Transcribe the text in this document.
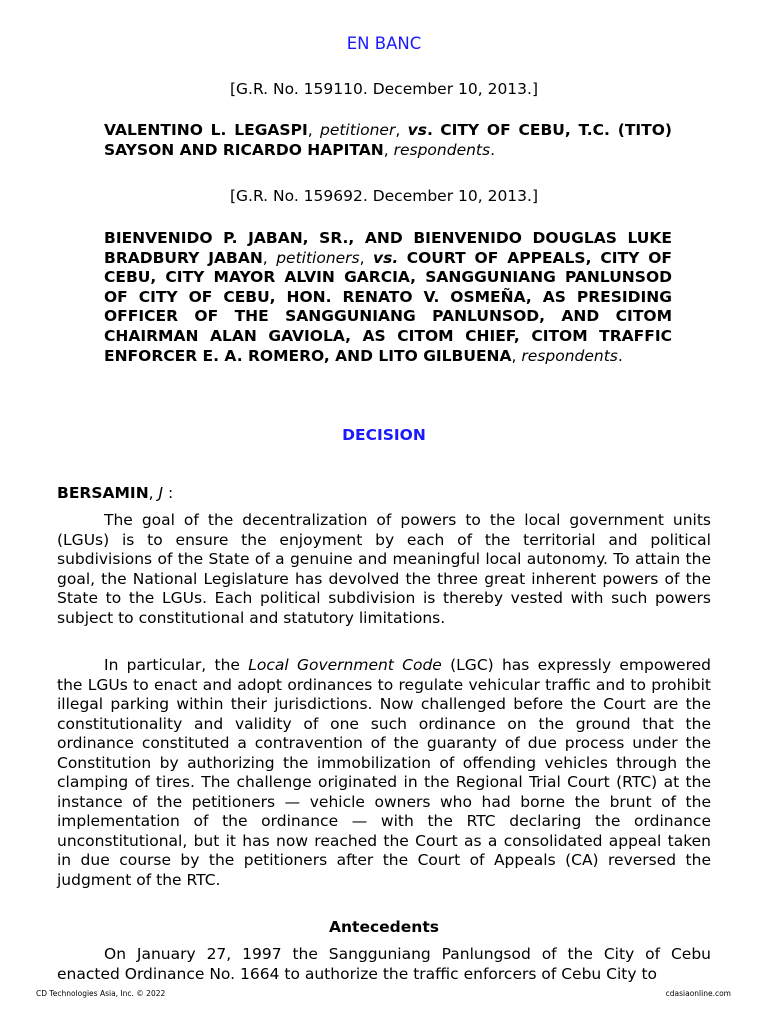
EN BANC
[G.R. No. 159110. December 10, 2013.]
VALENTINO L. LEGASPI, petitioner, vs. CITY OF CEBU, T.C. (TITO) SAYSON AND RICARDO HAPITAN, respondents.
[G.R. No. 159692. December 10, 2013.]
BIENVENIDO P. JABAN, SR., AND BIENVENIDO DOUGLAS LUKE BRADBURY JABAN, petitioners, vs. COURT OF APPEALS, CITY OF CEBU, CITY MAYOR ALVIN GARCIA, SANGGUNIANG PANLUNSOD OF CITY OF CEBU, HON. RENATO V. OSMEÑA, AS PRESIDING OFFICER OF THE SANGGUNIANG PANLUNSOD, AND CITOM CHAIRMAN ALAN GAVIOLA, AS CITOM CHIEF, CITOM TRAFFIC ENFORCER E. A. ROMERO, AND LITO GILBUENA, respondents.
DECISION
BERSAMIN, J :

The goal of the decentralization of powers to the local government units (LGUs) is to ensure the enjoyment by each of the territorial and political subdivisions of the State of a genuine and meaningful local autonomy. To attain the goal, the National Legislature has devolved the three great inherent powers of the State to the LGUs. Each political subdivision is thereby vested with such powers subject to constitutional and statutory limitations.

In particular, the Local Government Code (LGC) has expressly empowered the LGUs to enact and adopt ordinances to regulate vehicular traffic and to prohibit illegal parking within their jurisdictions. Now challenged before the Court are the constitutionality and validity of one such ordinance on the ground that the ordinance constituted a contravention of the guaranty of due process under the Constitution by authorizing the immobilization of offending vehicles through the clamping of tires. The challenge originated in the Regional Trial Court (RTC) at the instance of the petitioners — vehicle owners who had borne the brunt of the implementation of the ordinance — with the RTC declaring the ordinance unconstitutional, but it has now reached the Court as a consolidated appeal taken in due course by the petitioners after the Court of Appeals (CA) reversed the judgment of the RTC.

Antecedents

On January 27, 1997 the Sangguniang Panlungsod of the City of Cebu enacted Ordinance No. 1664 to authorize the traffic enforcers of Cebu City to

CD Technologies Asia, Inc. © 2022	cdasiaonline.com
